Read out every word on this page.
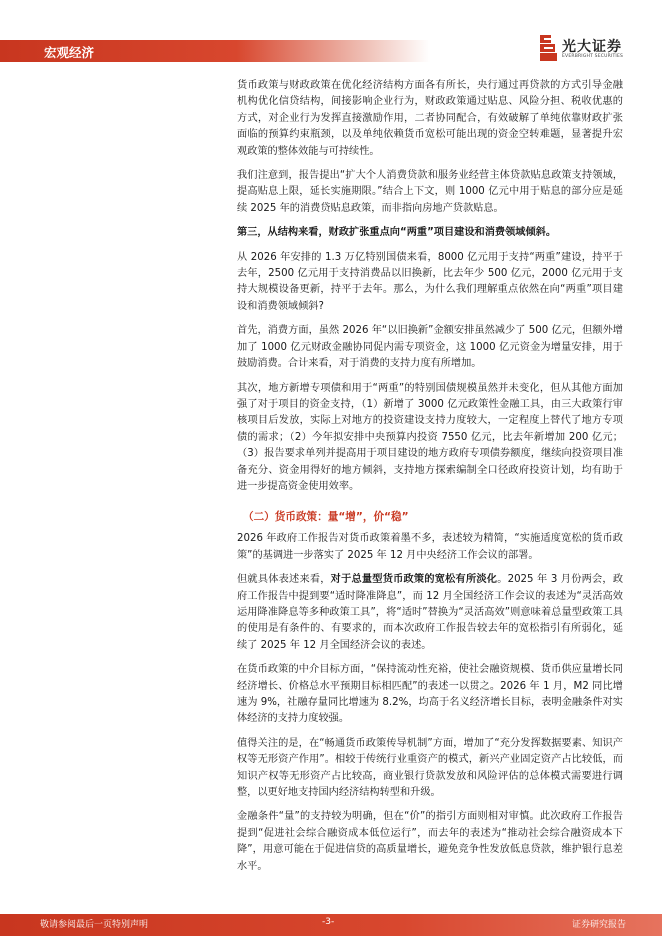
宏观经济	光大证券
EVERBRIGHT SECURITIES

货币政策与财政政策在优化经济结构方面各有所长，央行通过再贷款的方式引导金融机构优化信贷结构，间接影响企业行为，财政政策通过贴息、风险分担、税收优惠的方式，对企业行为发挥直接激励作用，二者协同配合，有效破解了单纯依靠财政扩张面临的预算约束瓶颈，以及单纯依赖货币宽松可能出现的资金空转难题，显著提升宏观政策的整体效能与可持续性。

我们注意到，报告提出“扩大个人消费贷款和服务业经营主体贷款贴息政策支持领域，提高贴息上限，延长实施期限。”结合上下文，则 1000 亿元中用于贴息的部分应是延续 2025 年的消费贷贴息政策，而非指向房地产贷款贴息。

第三，从结构来看，财政扩张重点向“两重”项目建设和消费领域倾斜。

从 2026 年安排的 1.3 万亿特别国债来看，8000 亿元用于支持“两重”建设，持平于去年，2500 亿元用于支持消费品以旧换新，比去年少 500 亿元，2000 亿元用于支持大规模设备更新，持平于去年。那么，为什么我们理解重点依然在向“两重”项目建设和消费领域倾斜?

首先，消费方面，虽然 2026 年“以旧换新”金额安排虽然减少了 500 亿元，但额外增加了 1000 亿元财政金融协同促内需专项资金，这 1000 亿元资金为增量安排，用于鼓励消费。合计来看，对于消费的支持力度有所增加。

其次，地方新增专项债和用于“两重”的特别国债规模虽然并未变化，但从其他方面加强了对于项目的资金支持，（1）新增了 3000 亿元政策性金融工具，由三大政策行审核项目后发放，实际上对地方的投资建设支持力度较大，一定程度上替代了地方专项债的需求；（2）今年拟安排中央预算内投资 7550 亿元，比去年新增加 200 亿元；（3）报告要求单列并提高用于项目建设的地方政府专项债券额度，继续向投资项目准备充分、资金用得好的地方倾斜，支持地方探索编制全口径政府投资计划，均有助于进一步提高资金使用效率。

（二）货币政策：量“增”，价“稳”

2026 年政府工作报告对货币政策着墨不多，表述较为精简，“实施适度宽松的货币政策”的基调进一步落实了 2025 年 12 月中央经济工作会议的部署。

但就具体表述来看，对于总量型货币政策的宽松有所淡化。2025 年 3 月份两会，政府工作报告中提到要“适时降准降息”，而 12 月全国经济工作会议的表述为“灵活高效运用降准降息等多种政策工具”，将“适时”替换为“灵活高效”则意味着总量型政策工具的使用是有条件的、有要求的，而本次政府工作报告较去年的宽松指引有所弱化，延续了 2025 年 12 月全国经济会议的表述。

在货币政策的中介目标方面，“保持流动性充裕，使社会融资规模、货币供应量增长同经济增长、价格总水平预期目标相匹配”的表述一以贯之。2026 年 1 月，M2 同比增速为 9%，社融存量同比增速为 8.2%，均高于名义经济增长目标，表明金融条件对实体经济的支持力度较强。

值得关注的是，在“畅通货币政策传导机制”方面，增加了“充分发挥数据要素、知识产权等无形资产作用”。相较于传统行业重资产的模式，新兴产业固定资产占比较低，而知识产权等无形资产占比较高，商业银行贷款发放和风险评估的总体模式需要进行调整，以更好地支持国内经济结构转型和升级。

金融条件“量”的支持较为明确，但在“价”的指引方面则相对审慎。此次政府工作报告提到“促进社会综合融资成本低位运行”，而去年的表述为“推动社会综合融资成本下降”，用意可能在于促进信贷的高质量增长，避免竞争性发放低息贷款，维护银行息差水平。

敬请参阅最后一页特别声明	-3-	证券研究报告
